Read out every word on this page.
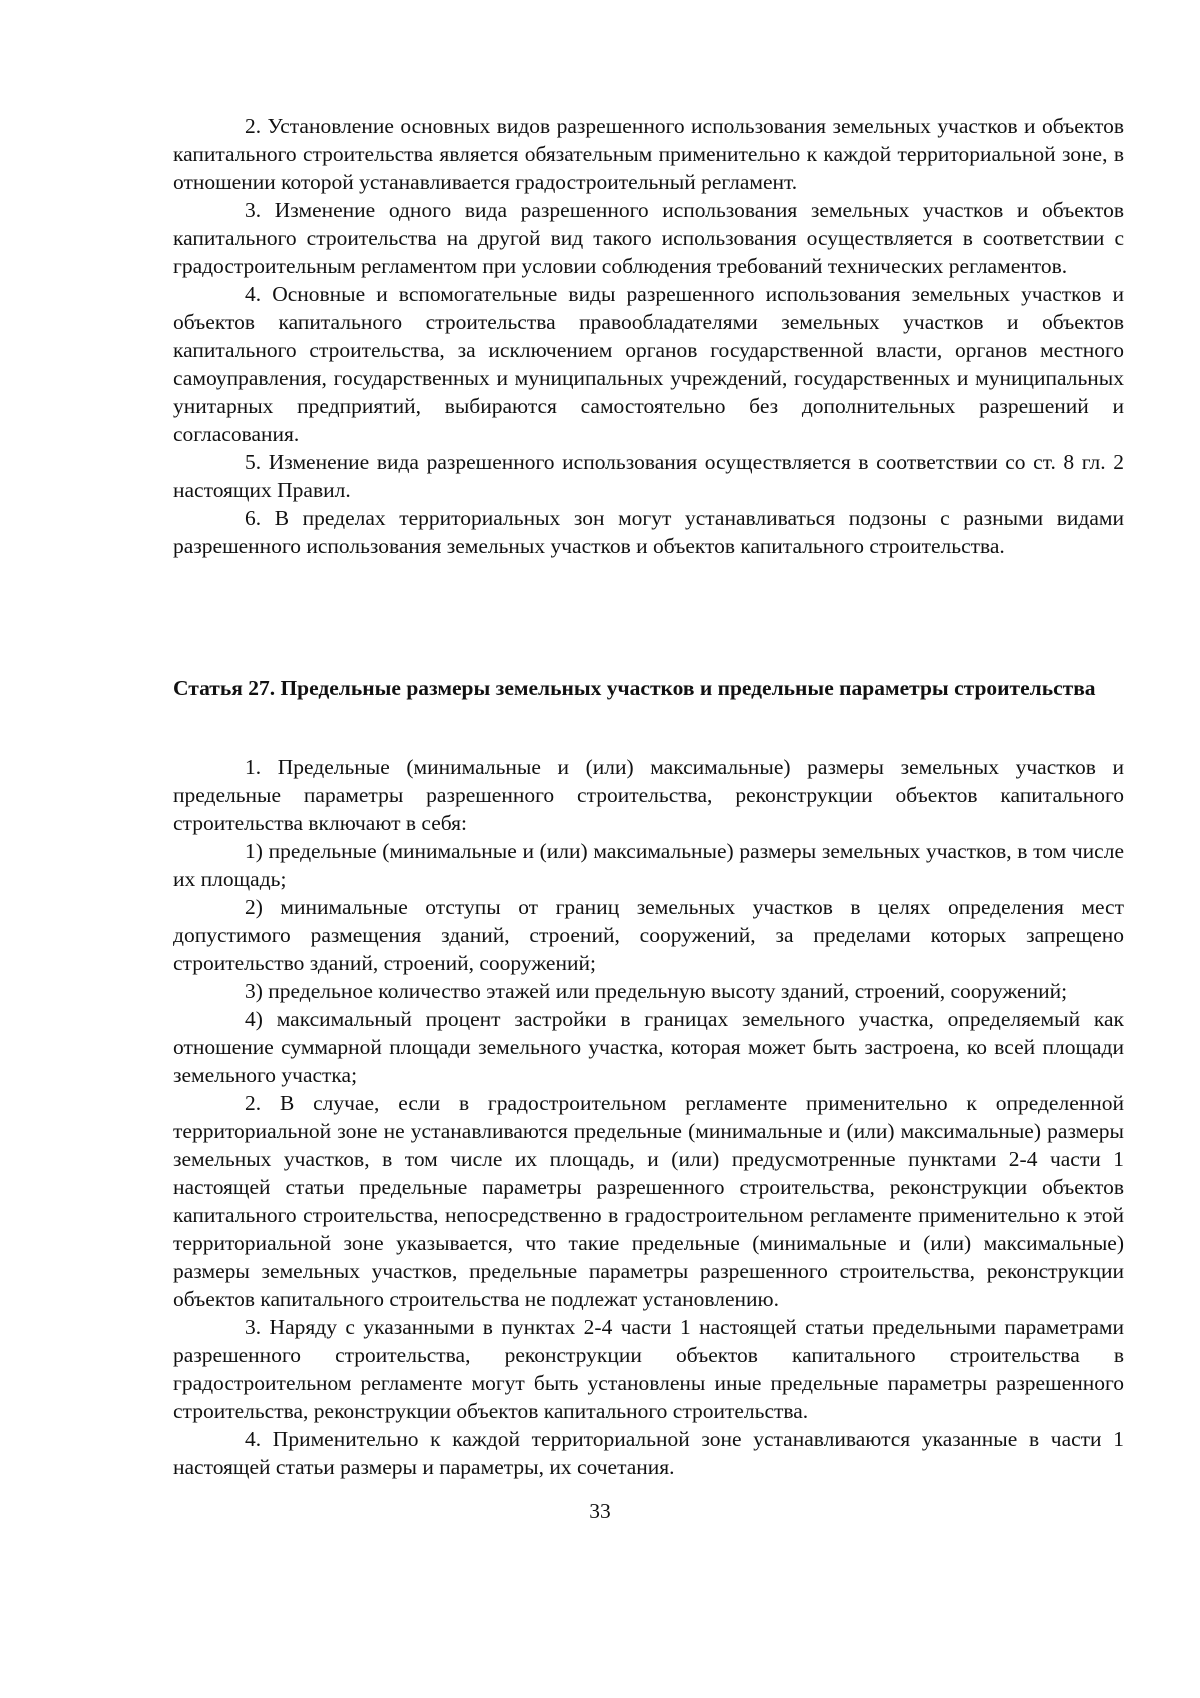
2. Установление основных видов разрешенного использования земельных участков и объектов капитального строительства является обязательным применительно к каждой территориальной зоне, в отношении которой устанавливается градостроительный регламент.

3. Изменение одного вида разрешенного использования земельных участков и объектов капитального строительства на другой вид такого использования осуществляется в соответствии с градостроительным регламентом при условии соблюдения требований технических регламентов.

4. Основные и вспомогательные виды разрешенного использования земельных участков и объектов капитального строительства правообладателями земельных участков и объектов капитального строительства, за исключением органов государственной власти, органов местного самоуправления, государственных и муниципальных учреждений, государственных и муниципальных унитарных предприятий, выбираются самостоятельно без дополнительных разрешений и согласования.

5. Изменение вида разрешенного использования осуществляется в соответствии со ст. 8 гл. 2 настоящих Правил.

6. В пределах территориальных зон могут устанавливаться подзоны с разными видами разрешенного использования земельных участков и объектов капитального строительства.

Статья 27. Предельные размеры земельных участков и предельные параметры строительства

1. Предельные (минимальные и (или) максимальные) размеры земельных участков и предельные параметры разрешенного строительства, реконструкции объектов капитального строительства включают в себя:

1) предельные (минимальные и (или) максимальные) размеры земельных участков, в том числе их площадь;

2) минимальные отступы от границ земельных участков в целях определения мест допустимого размещения зданий, строений, сооружений, за пределами которых запрещено строительство зданий, строений, сооружений;

3) предельное количество этажей или предельную высоту зданий, строений, сооружений;

4) максимальный процент застройки в границах земельного участка, определяемый как отношение суммарной площади земельного участка, которая может быть застроена, ко всей площади земельного участка;

2. В случае, если в градостроительном регламенте применительно к определенной территориальной зоне не устанавливаются предельные (минимальные и (или) максимальные) размеры земельных участков, в том числе их площадь, и (или) предусмотренные пунктами 2-4 части 1 настоящей статьи предельные параметры разрешенного строительства, реконструкции объектов капитального строительства, непосредственно в градостроительном регламенте применительно к этой территориальной зоне указывается, что такие предельные (минимальные и (или) максимальные) размеры земельных участков, предельные параметры разрешенного строительства, реконструкции объектов капитального строительства не подлежат установлению.

3. Наряду с указанными в пунктах 2-4 части 1 настоящей статьи предельными параметрами разрешенного строительства, реконструкции объектов капитального строительства в градостроительном регламенте могут быть установлены иные предельные параметры разрешенного строительства, реконструкции объектов капитального строительства.

4. Применительно к каждой территориальной зоне устанавливаются указанные в части 1 настоящей статьи размеры и параметры, их сочетания.

33
